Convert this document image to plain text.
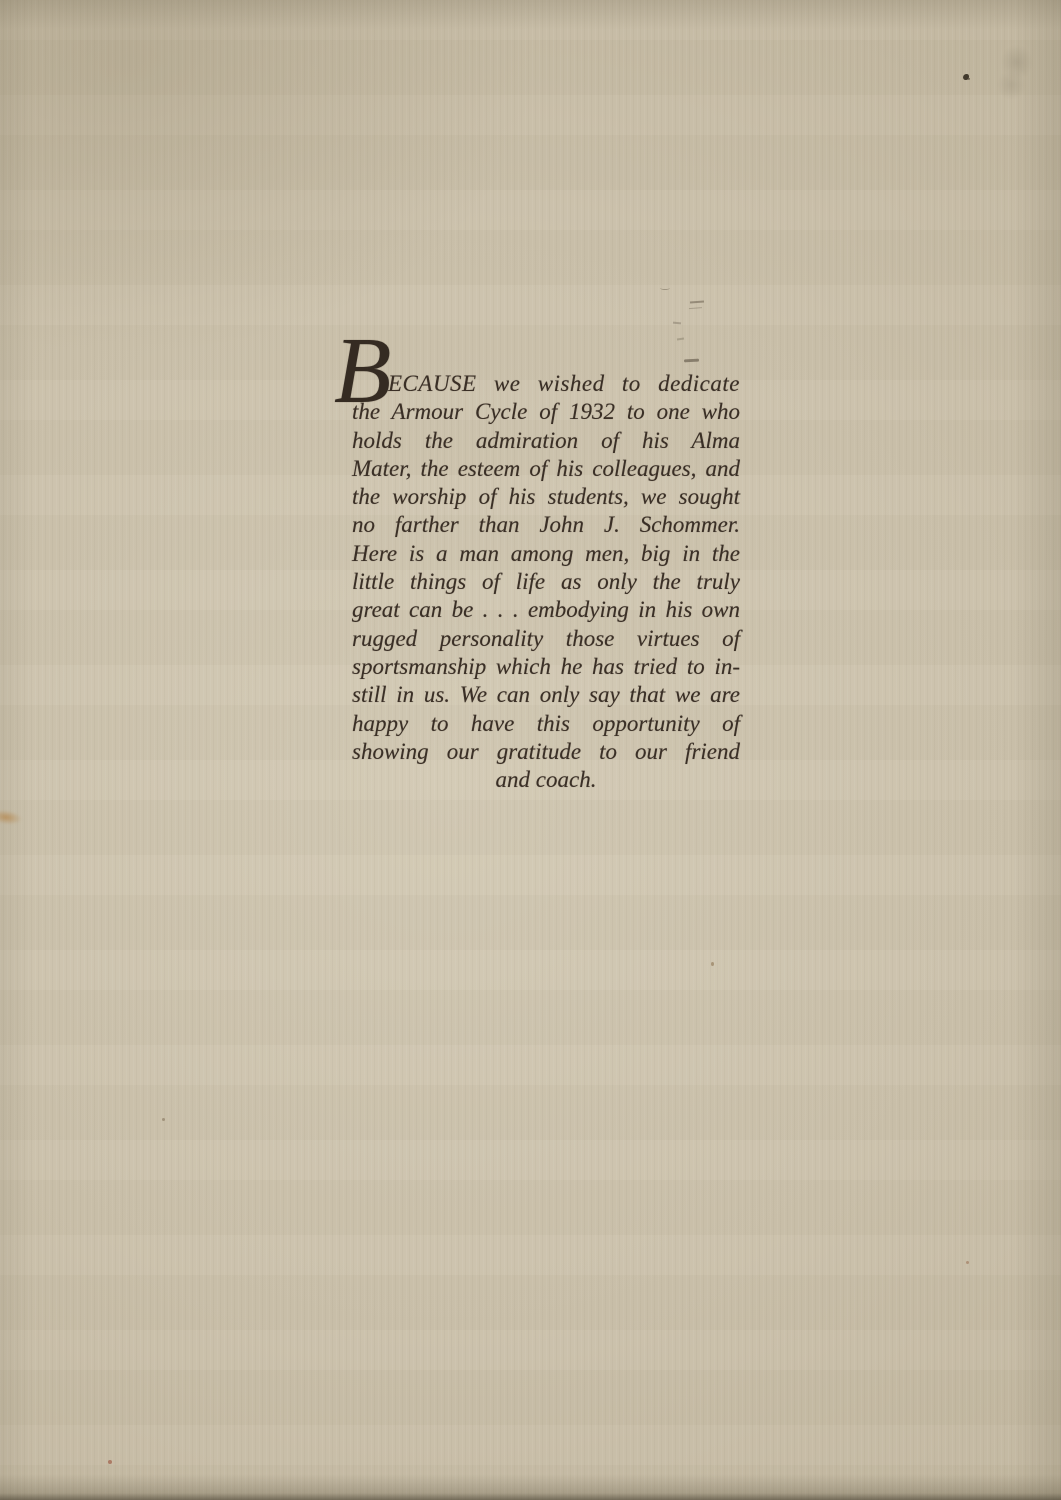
B
ECAUSE we wished to dedicate
the Armour Cycle of 1932 to one who
holds the admiration of his Alma
Mater, the esteem of his colleagues, and
the worship of his students, we sought
no farther than John J. Schommer.
Here is a man among men, big in the
little things of life as only the truly
great can be . . . embodying in his own
rugged personality those virtues of
sportsmanship which he has tried to in-
still in us. We can only say that we are
happy to have this opportunity of
showing our gratitude to our friend
and coach.
